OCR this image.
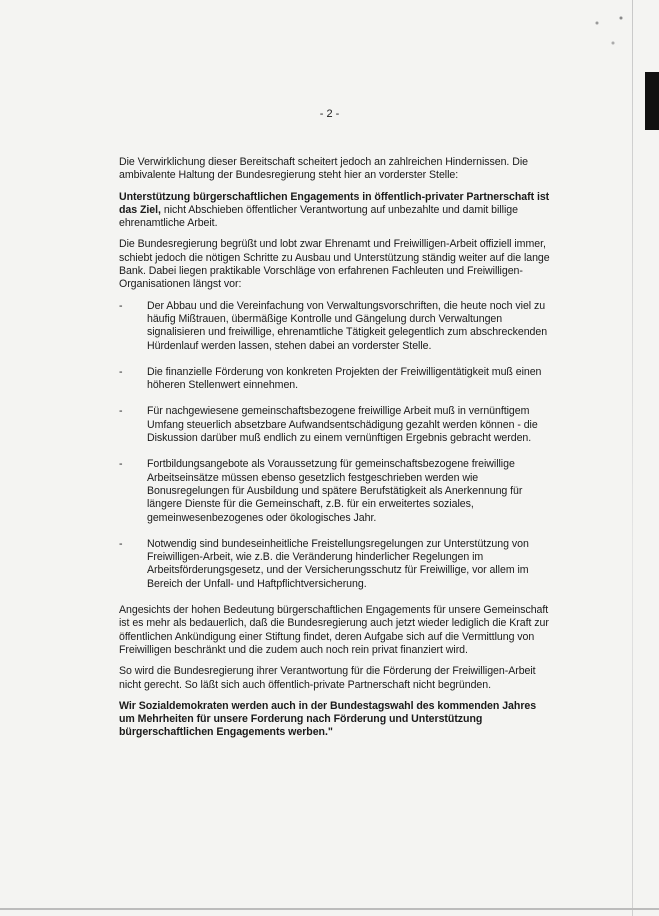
- 2 -

Die Verwirklichung dieser Bereitschaft scheitert jedoch an zahlreichen Hindernissen. Die ambivalente Haltung der Bundesregierung steht hier an vorderster Stelle:

Unterstützung bürgerschaftlichen Engagements in öffentlich-privater Partnerschaft ist das Ziel, nicht Abschieben öffentlicher Verantwortung auf unbezahlte und damit billige ehrenamtliche Arbeit.

Die Bundesregierung begrüßt und lobt zwar Ehrenamt und Freiwilligen-Arbeit offiziell immer, schiebt jedoch die nötigen Schritte zu Ausbau und Unterstützung ständig weiter auf die lange Bank. Dabei liegen praktikable Vorschläge von erfahrenen Fachleuten und Freiwilligen-Organisationen längst vor:

- Der Abbau und die Vereinfachung von Verwaltungsvorschriften, die heute noch viel zu häufig Mißtrauen, übermäßige Kontrolle und Gängelung durch Verwaltungen signalisieren und freiwillige, ehrenamtliche Tätigkeit gelegentlich zum abschreckenden Hürdenlauf werden lassen, stehen dabei an vorderster Stelle.
- Die finanzielle Förderung von konkreten Projekten der Freiwilligentätigkeit muß einen höheren Stellenwert einnehmen.
- Für nachgewiesene gemeinschaftsbezogene freiwillige Arbeit muß in vernünftigem Umfang steuerlich absetzbare Aufwandsentschädigung gezahlt werden können - die Diskussion darüber muß endlich zu einem vernünftigen Ergebnis gebracht werden.
- Fortbildungsangebote als Voraussetzung für gemeinschaftsbezogene freiwillige Arbeitseinsätze müssen ebenso gesetzlich festgeschrieben werden wie Bonusregelungen für Ausbildung und spätere Berufstätigkeit als Anerkennung für längere Dienste für die Gemeinschaft, z.B. für ein erweitertes soziales, gemeinwesenbezogenes oder ökologisches Jahr.
- Notwendig sind bundeseinheitliche Freistellungsregelungen zur Unterstützung von Freiwilligen-Arbeit, wie z.B. die Veränderung hinderlicher Regelungen im Arbeitsförderungsgesetz, und der Versicherungsschutz für Freiwillige, vor allem im Bereich der Unfall- und Haftpflichtversicherung.

Angesichts der hohen Bedeutung bürgerschaftlichen Engagements für unsere Gemeinschaft ist es mehr als bedauerlich, daß die Bundesregierung auch jetzt wieder lediglich die Kraft zur öffentlichen Ankündigung einer Stiftung findet, deren Aufgabe sich auf die Vermittlung von Freiwilligen beschränkt und die zudem auch noch rein privat finanziert wird.

So wird die Bundesregierung ihrer Verantwortung für die Förderung der Freiwilligen-Arbeit nicht gerecht. So läßt sich auch öffentlich-private Partnerschaft nicht begründen.

Wir Sozialdemokraten werden auch in der Bundestagswahl des kommenden Jahres um Mehrheiten für unsere Forderung nach Förderung und Unterstützung bürgerschaftlichen Engagements werben."
